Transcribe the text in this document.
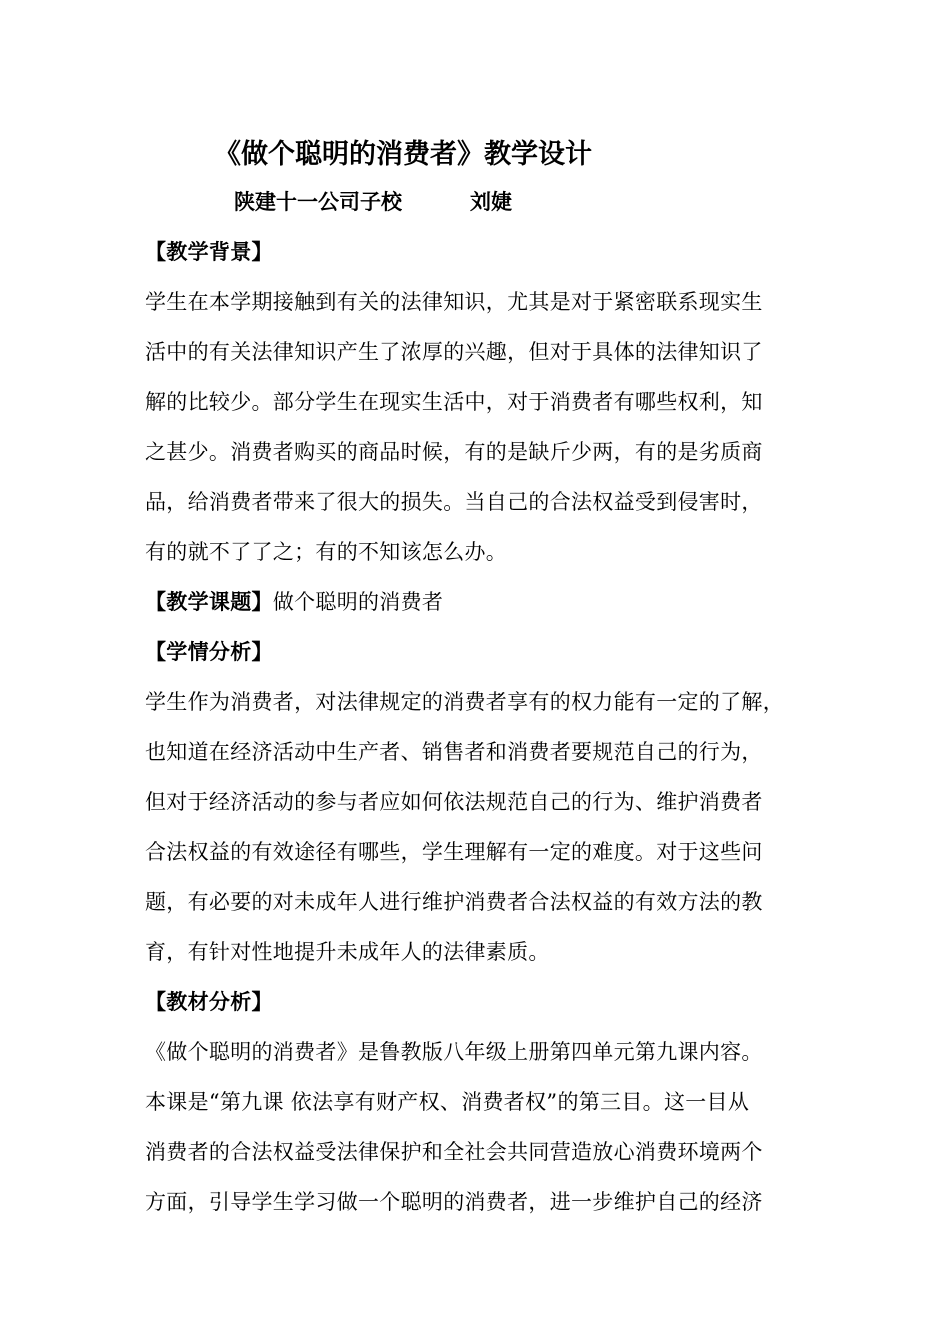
《做个聪明的消费者》教学设计
陕建十一公司子校	刘婕
【教学背景】
学生在本学期接触到有关的法律知识，尤其是对于紧密联系现实生
活中的有关法律知识产生了浓厚的兴趣，但对于具体的法律知识了
解的比较少。部分学生在现实生活中，对于消费者有哪些权利，知
之甚少。消费者购买的商品时候，有的是缺斤少两，有的是劣质商
品，给消费者带来了很大的损失。当自己的合法权益受到侵害时，
有的就不了了之；有的不知该怎么办。
【教学课题】做个聪明的消费者
【学情分析】
学生作为消费者，对法律规定的消费者享有的权力能有一定的了解，
也知道在经济活动中生产者、销售者和消费者要规范自己的行为，
但对于经济活动的参与者应如何依法规范自己的行为、维护消费者
合法权益的有效途径有哪些，学生理解有一定的难度。对于这些问
题，有必要的对未成年人进行维护消费者合法权益的有效方法的教
育，有针对性地提升未成年人的法律素质。
【教材分析】
《做个聪明的消费者》是鲁教版八年级上册第四单元第九课内容。
本课是“第九课 依法享有财产权、消费者权”的第三目。这一目从
消费者的合法权益受法律保护和全社会共同营造放心消费环境两个
方面，引导学生学习做一个聪明的消费者，进一步维护自己的经济
